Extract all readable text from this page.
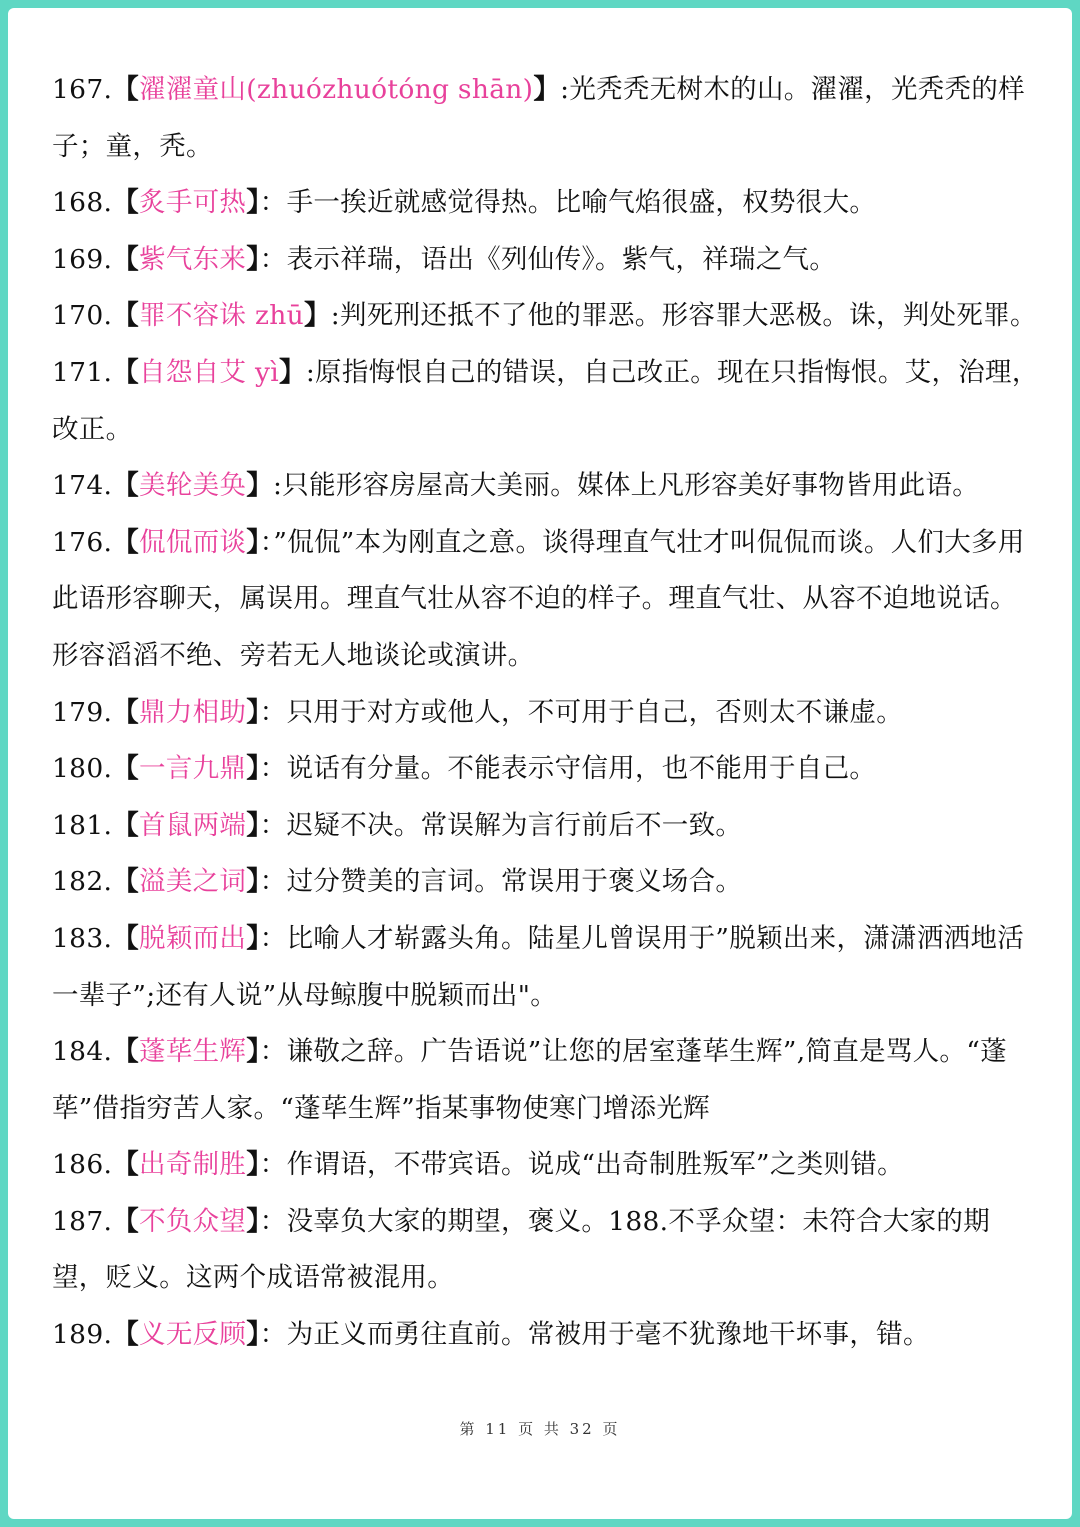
167.【濯濯童山(zhuózhuótóng shān)】:光秃秃无树木的山。濯濯，光秃秃的样子；童，秃。

168.【炙手可热】：手一挨近就感觉得热。比喻气焰很盛，权势很大。

169.【紫气东来】：表示祥瑞，语出《列仙传》。紫气，祥瑞之气。

170.【罪不容诛 zhū】:判死刑还抵不了他的罪恶。形容罪大恶极。诛，判处死罪。

171.【自怨自艾 yì】:原指悔恨自己的错误，自己改正。现在只指悔恨。艾，治理，改正。

174.【美轮美奂】:只能形容房屋高大美丽。媒体上凡形容美好事物皆用此语。

176.【侃侃而谈】：”侃侃”本为刚直之意。谈得理直气壮才叫侃侃而谈。人们大多用此语形容聊天，属误用。理直气壮从容不迫的样子。理直气壮、从容不迫地说话。形容滔滔不绝、旁若无人地谈论或演讲。

179.【鼎力相助】：只用于对方或他人，不可用于自己，否则太不谦虚。

180.【一言九鼎】：说话有分量。不能表示守信用，也不能用于自己。

181.【首鼠两端】：迟疑不决。常误解为言行前后不一致。

182.【溢美之词】：过分赞美的言词。常误用于褒义场合。

183.【脱颖而出】：比喻人才崭露头角。陆星儿曾误用于”脱颖出来，潇潇洒洒地活一辈子”;还有人说”从母鲸腹中脱颖而出"。

184.【蓬荜生辉】：谦敬之辞。广告语说”让您的居室蓬荜生辉”,简直是骂人。“蓬荜”借指穷苦人家。“蓬荜生辉”指某事物使寒门增添光辉

186.【出奇制胜】：作谓语，不带宾语。说成“出奇制胜叛军”之类则错。

187.【不负众望】：没辜负大家的期望，褒义。188.不孚众望：未符合大家的期望，贬义。这两个成语常被混用。

189.【义无反顾】：为正义而勇往直前。常被用于毫不犹豫地干坏事，错。

第 11 页 共 32 页
